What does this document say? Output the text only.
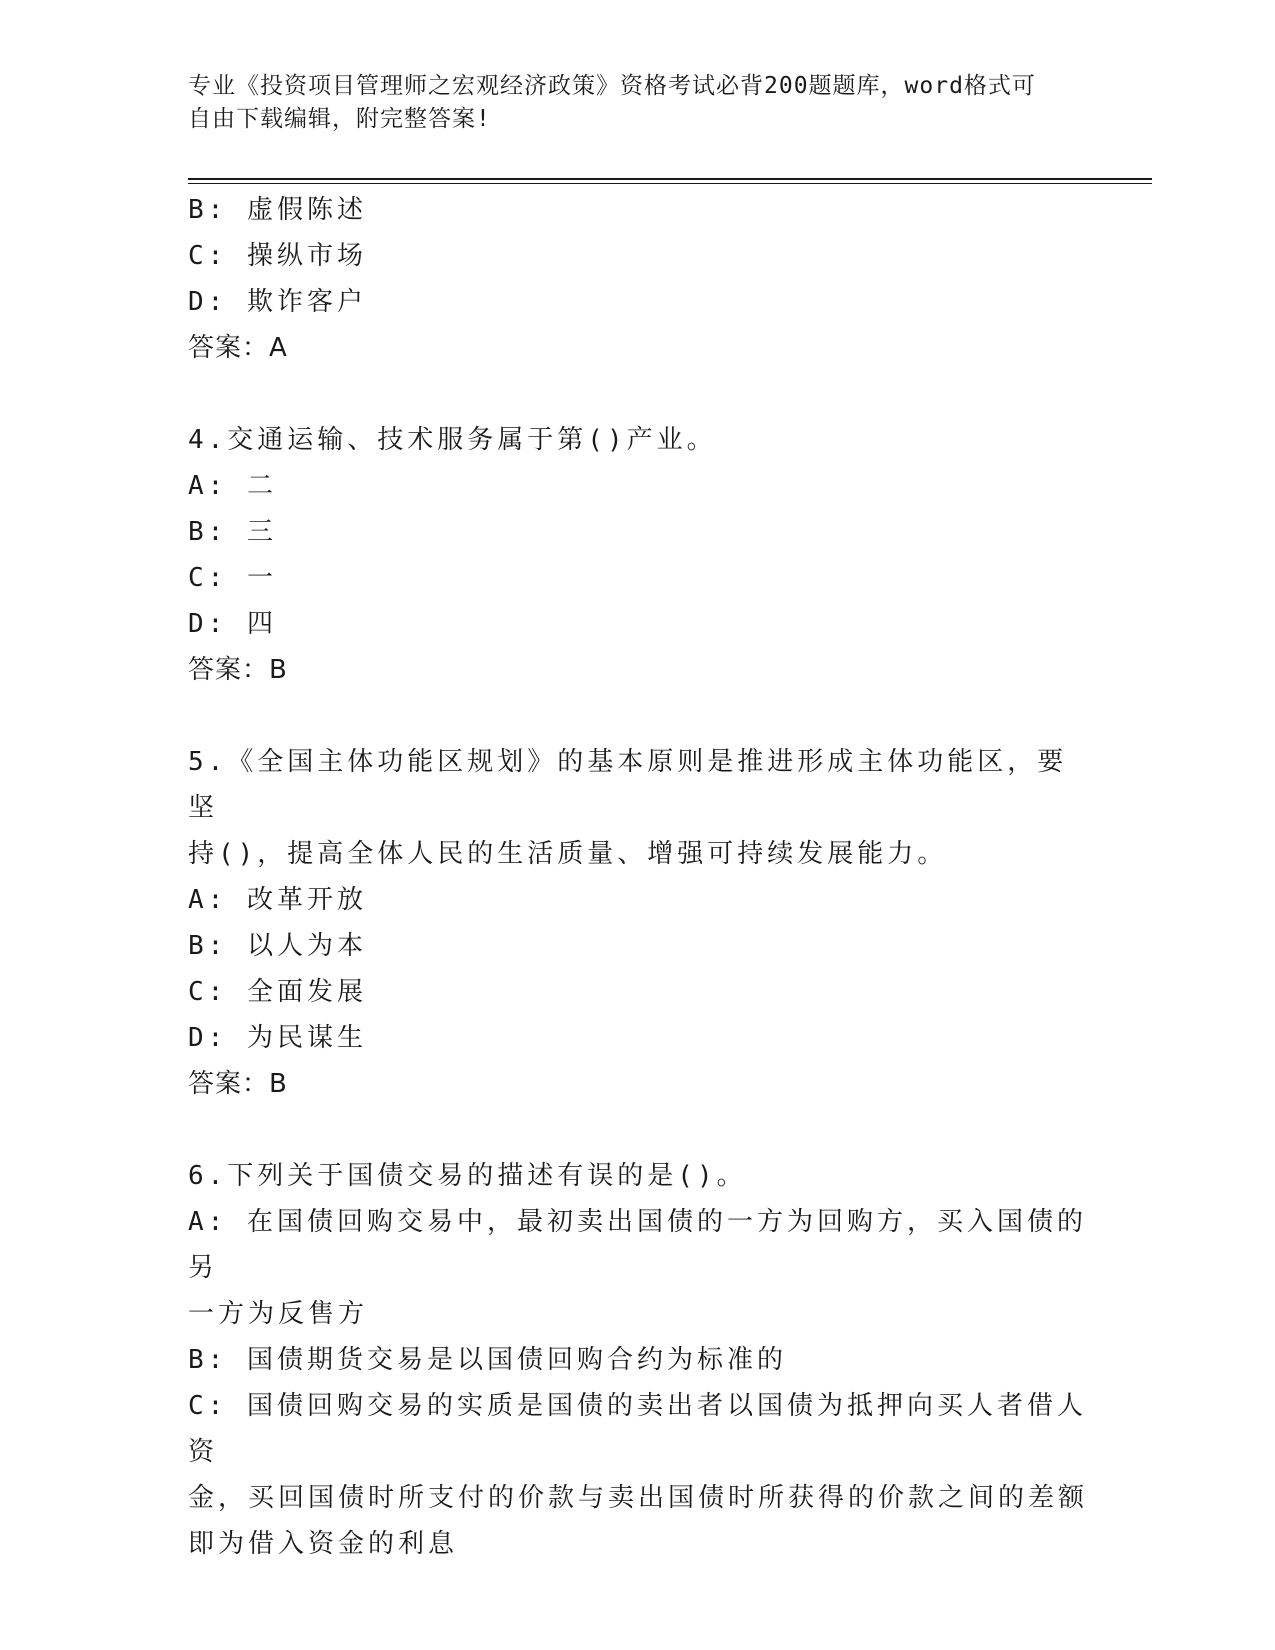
专业《投资项目管理师之宏观经济政策》资格考试必背200题题库，word格式可
自由下载编辑，附完整答案!

B: 虚假陈述

C: 操纵市场

D: 欺诈客户

答案：A

4.交通运输、技术服务属于第()产业。

A: 二

B: 三

C: 一

D: 四

答案：B

5.《全国主体功能区规划》的基本原则是推进形成主体功能区，要坚

持()，提高全体人民的生活质量、增强可持续发展能力。

A: 改革开放

B: 以人为本

C: 全面发展

D: 为民谋生

答案：B

6.下列关于国债交易的描述有误的是()。

A: 在国债回购交易中，最初卖出国债的一方为回购方，买入国债的另

一方为反售方

B: 国债期货交易是以国债回购合约为标准的

C: 国债回购交易的实质是国债的卖出者以国债为抵押向买人者借人资

金，买回国债时所支付的价款与卖出国债时所获得的价款之间的差额

即为借入资金的利息
